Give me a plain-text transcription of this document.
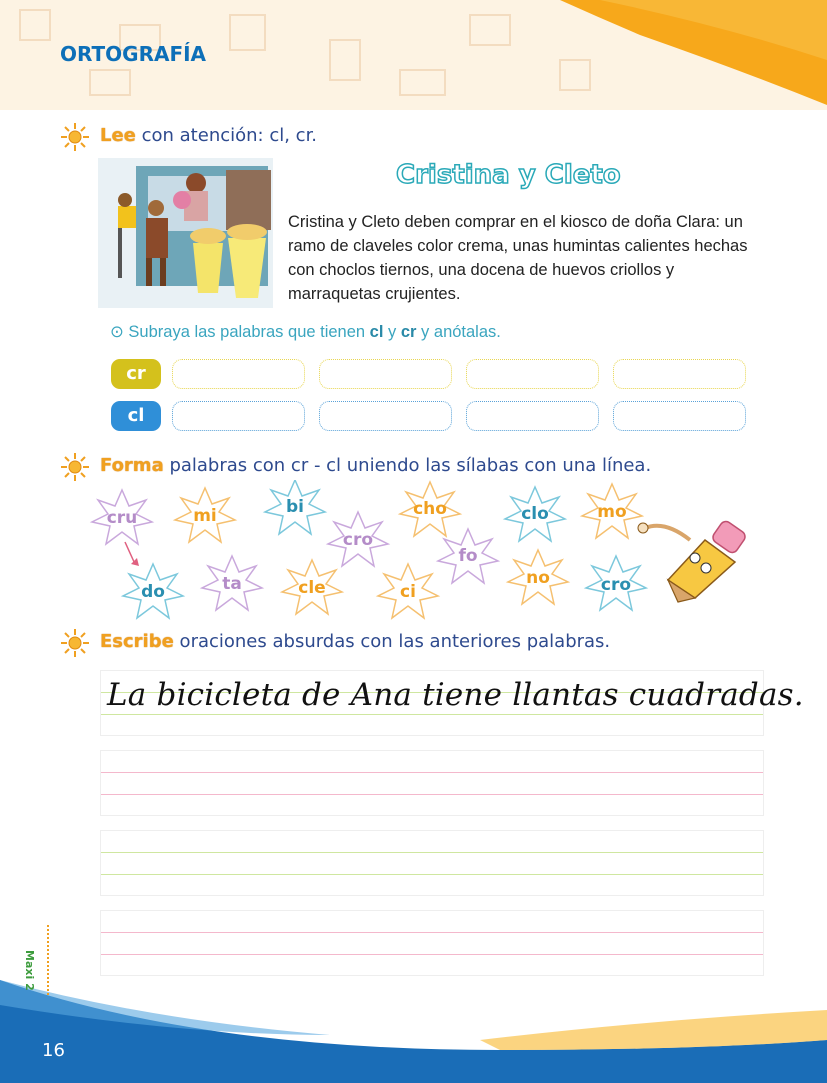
ORTOGRAFÍA
Lee con atención: cl, cr.
Cristina y Cleto
Cristina y Cleto deben comprar en el kiosco de doña Clara: un ramo de claveles color crema, unas humintas calientes hechas con choclos tiernos, una docena de huevos criollos y marraquetas crujientes.
⊙ Subraya las palabras que tienen cl y cr y anótalas.
cr
cl
Forma palabras con cr - cl uniendo las sílabas con una línea.
cru	mi	bi
cro
cho	clo	mo
fo
do	ta	cle	ci
no	cro
Escribe oraciones absurdas con las anteriores palabras.
La bicicleta de Ana tiene llantas cuadradas.
16
Maxi 2
